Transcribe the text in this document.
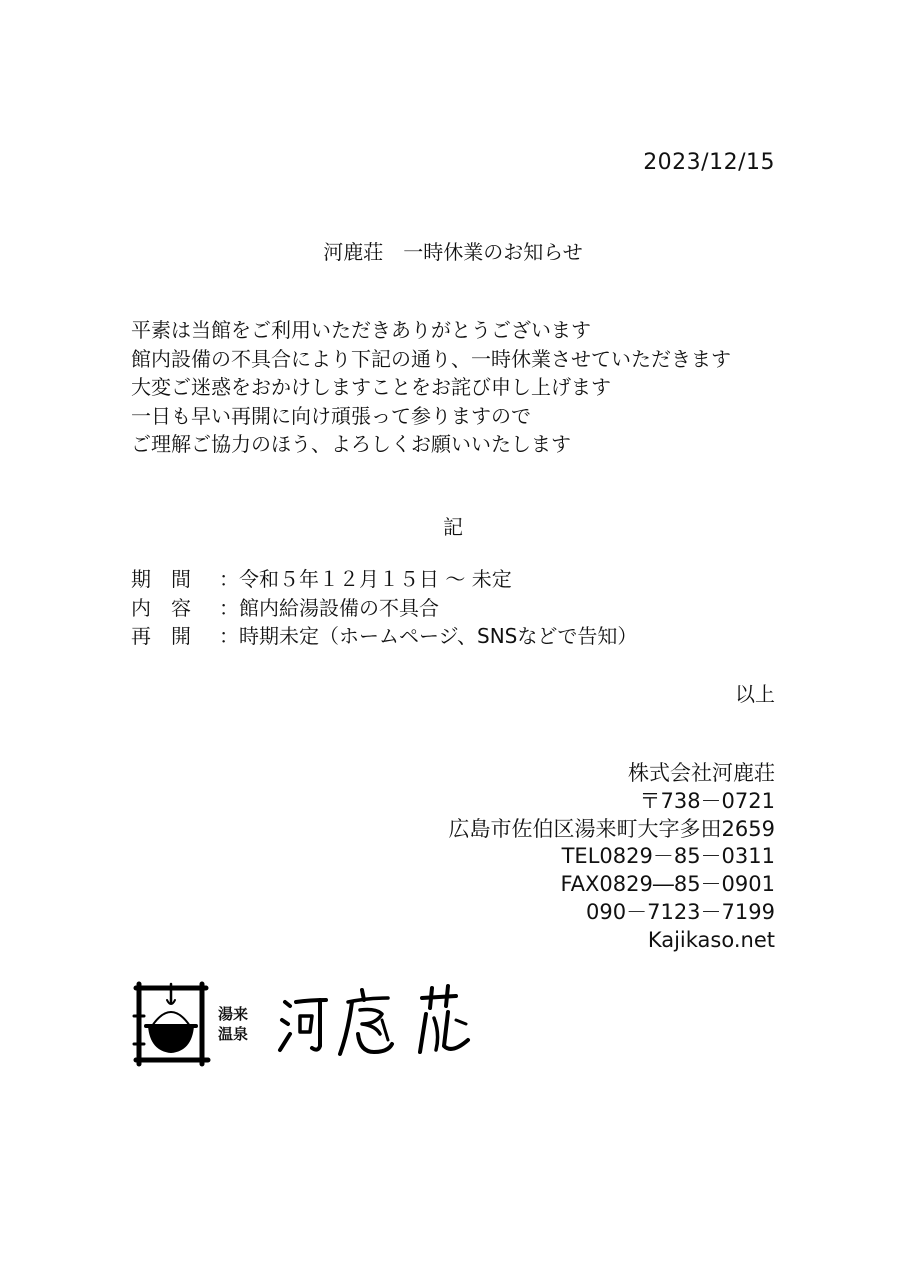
2023/12/15
河鹿荘　一時休業のお知らせ
平素は当館をご利用いただきありがとうございます
館内設備の不具合により下記の通り、一時休業させていただきます
大変ご迷惑をおかけしますことをお詫び申し上げます
一日も早い再開に向け頑張って参りますので
ご理解ご協力のほう、よろしくお願いいたします
記
期　間	：令和５年１２月１５日 ～ 未定
内　容	：館内給湯設備の不具合
再　開	：時期未定（ホームページ、SNSなどで告知）
以上
株式会社河鹿荘
〒738－0721
広島市佐伯区湯来町大字多田2659
TEL0829－85－0311
FAX0829―85－0901
090－7123－7199
Kajikaso.net
湯来
温泉
